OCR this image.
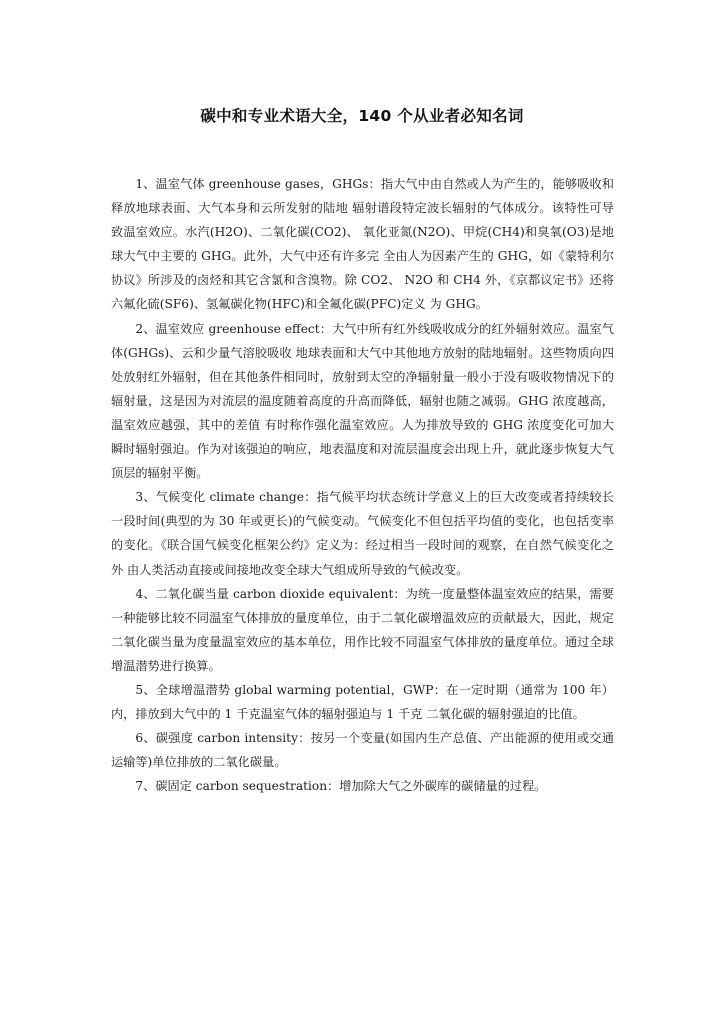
碳中和专业术语大全，140 个从业者必知名词

1、温室气体 greenhouse gases，GHGs：指大气中由自然或人为产生的，能够吸收和释放地球表面、大气本身和云所发射的陆地 辐射谱段特定波长辐射的气体成分。该特性可导致温室效应。水汽(H2O)、二氧化碳(CO2)、 氧化亚氮(N2O)、甲烷(CH4)和臭氧(O3)是地球大气中主要的 GHG。此外，大气中还有许多完 全由人为因素产生的 GHG，如《蒙特利尔协议》所涉及的卤烃和其它含氯和含溴物。除 CO2、 N2O 和 CH4 外，《京都议定书》还将六氟化硫(SF6)、氢氟碳化物(HFC)和全氟化碳(PFC)定义 为 GHG。

2、温室效应 greenhouse effect：大气中所有红外线吸收成分的红外辐射效应。温室气体(GHGs)、云和少量气溶胶吸收 地球表面和大气中其他地方放射的陆地辐射。这些物质向四处放射红外辐射，但在其他条件相同时，放射到太空的净辐射量一般小于没有吸收物情况下的辐射量，这是因为对流层的温度随着高度的升高而降低，辐射也随之减弱。GHG 浓度越高，温室效应越强，其中的差值 有时称作强化温室效应。人为排放导致的 GHG 浓度变化可加大瞬时辐射强迫。作为对该强迫的响应，地表温度和对流层温度会出现上升，就此逐步恢复大气顶层的辐射平衡。

3、气候变化 climate change：指气候平均状态统计学意义上的巨大改变或者持续较长一段时间(典型的为 30 年或更长)的气候变动。气候变化不但包括平均值的变化，也包括变率的变化。《联合国气候变化框架公约》定义为：经过相当一段时间的观察，在自然气候变化之外 由人类活动直接或间接地改变全球大气组成所导致的气候改变。

4、二氧化碳当量 carbon dioxide equivalent：为统一度量整体温室效应的结果，需要一种能够比较不同温室气体排放的量度单位，由于二氧化碳增温效应的贡献最大，因此，规定二氧化碳当量为度量温室效应的基本单位，用作比较不同温室气体排放的量度单位。通过全球增温潜势进行换算。

5、全球增温潜势 global warming potential，GWP：在一定时期（通常为 100 年）内，排放到大气中的 1 千克温室气体的辐射强迫与 1 千克 二氧化碳的辐射强迫的比值。

6、碳强度 carbon intensity：按另一个变量(如国内生产总值、产出能源的使用或交通运输等)单位排放的二氧化碳量。

7、碳固定 carbon sequestration：增加除大气之外碳库的碳储量的过程。
